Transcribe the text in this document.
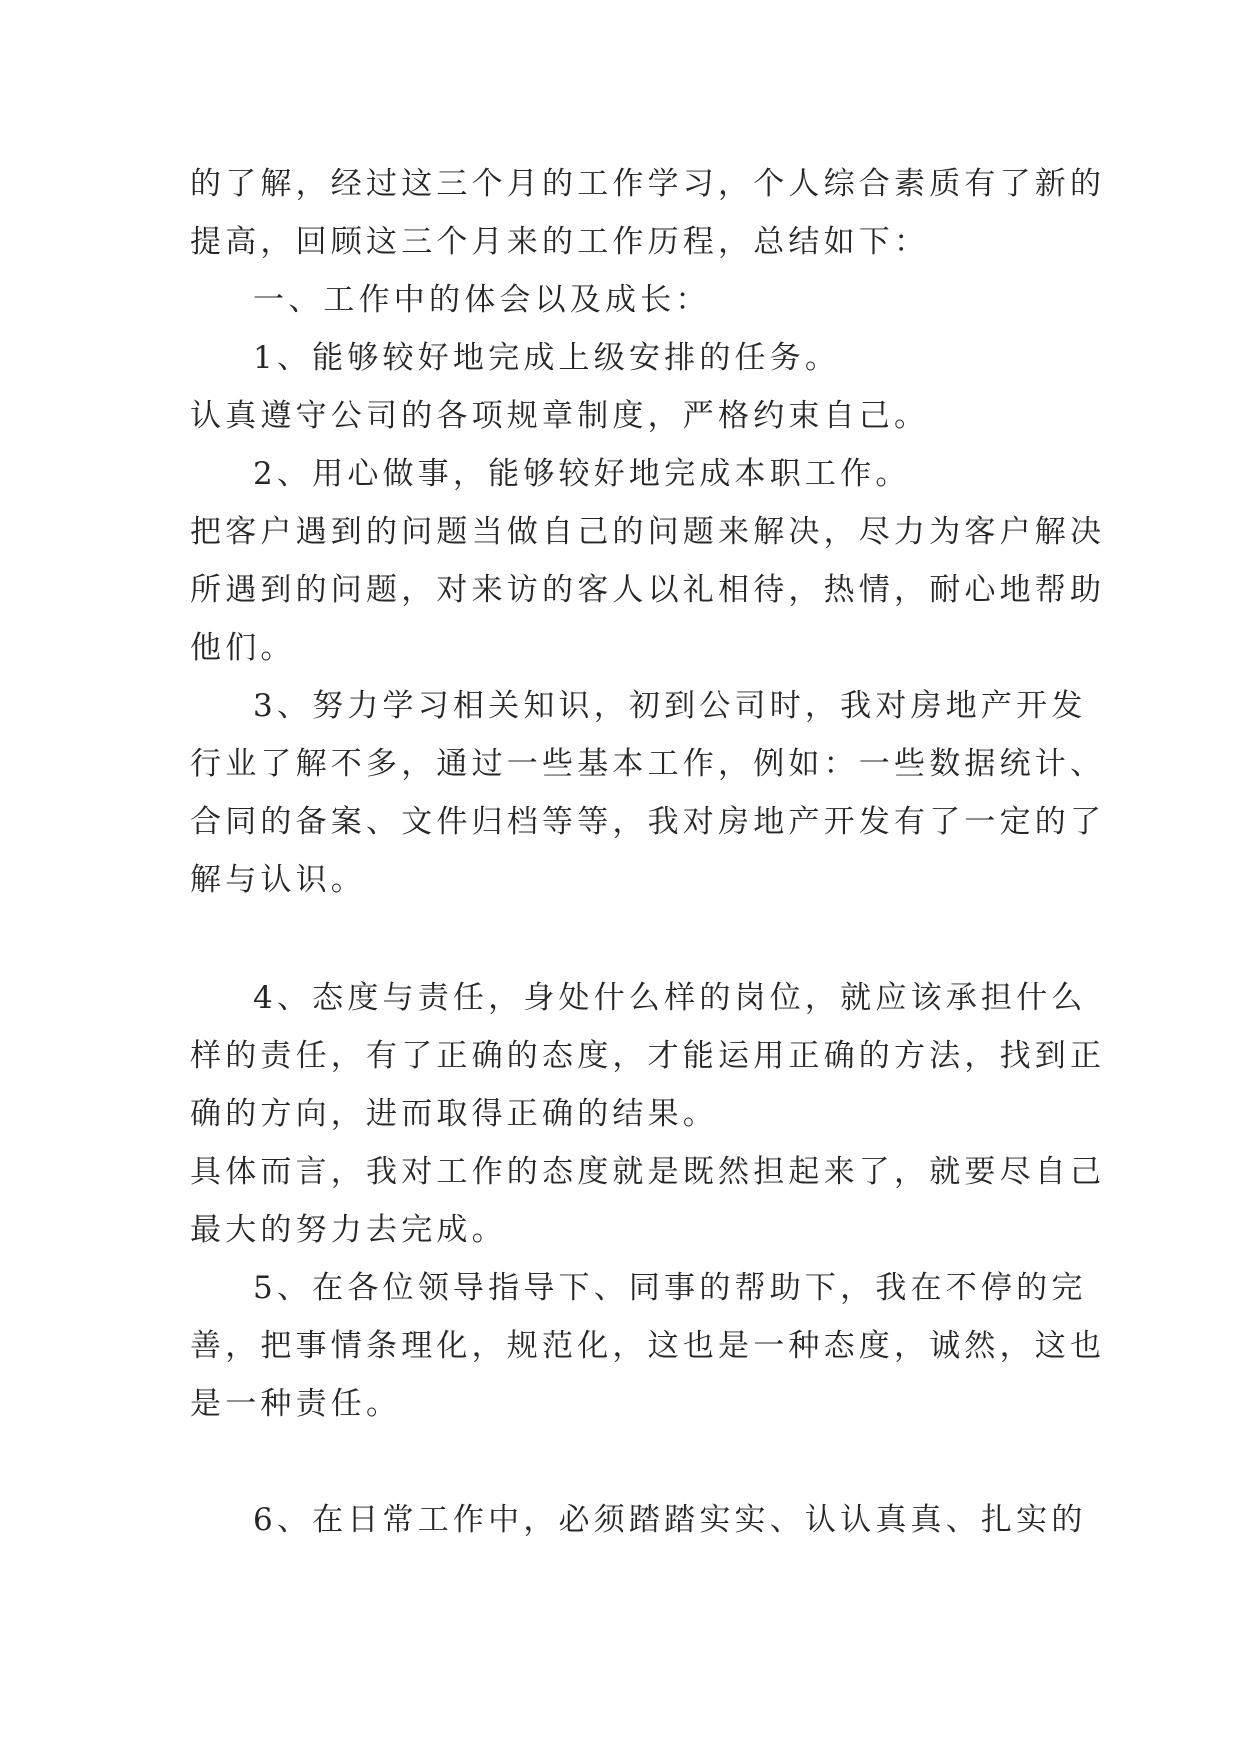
的了解，经过这三个月的工作学习，个人综合素质有了新的

提高，回顾这三个月来的工作历程，总结如下：

一、工作中的体会以及成长：

1、能够较好地完成上级安排的任务。

认真遵守公司的各项规章制度，严格约束自己。

2、用心做事，能够较好地完成本职工作。

把客户遇到的问题当做自己的问题来解决，尽力为客户解决

所遇到的问题，对来访的客人以礼相待，热情，耐心地帮助

他们。

3、努力学习相关知识，初到公司时，我对房地产开发

行业了解不多，通过一些基本工作，例如：一些数据统计、

合同的备案、文件归档等等，我对房地产开发有了一定的了

解与认识。

4、态度与责任，身处什么样的岗位，就应该承担什么

样的责任，有了正确的态度，才能运用正确的方法，找到正

确的方向，进而取得正确的结果。

具体而言，我对工作的态度就是既然担起来了，就要尽自己

最大的努力去完成。

5、在各位领导指导下、同事的帮助下，我在不停的完

善，把事情条理化，规范化，这也是一种态度，诚然，这也

是一种责任。

6、在日常工作中，必须踏踏实实、认认真真、扎实的
